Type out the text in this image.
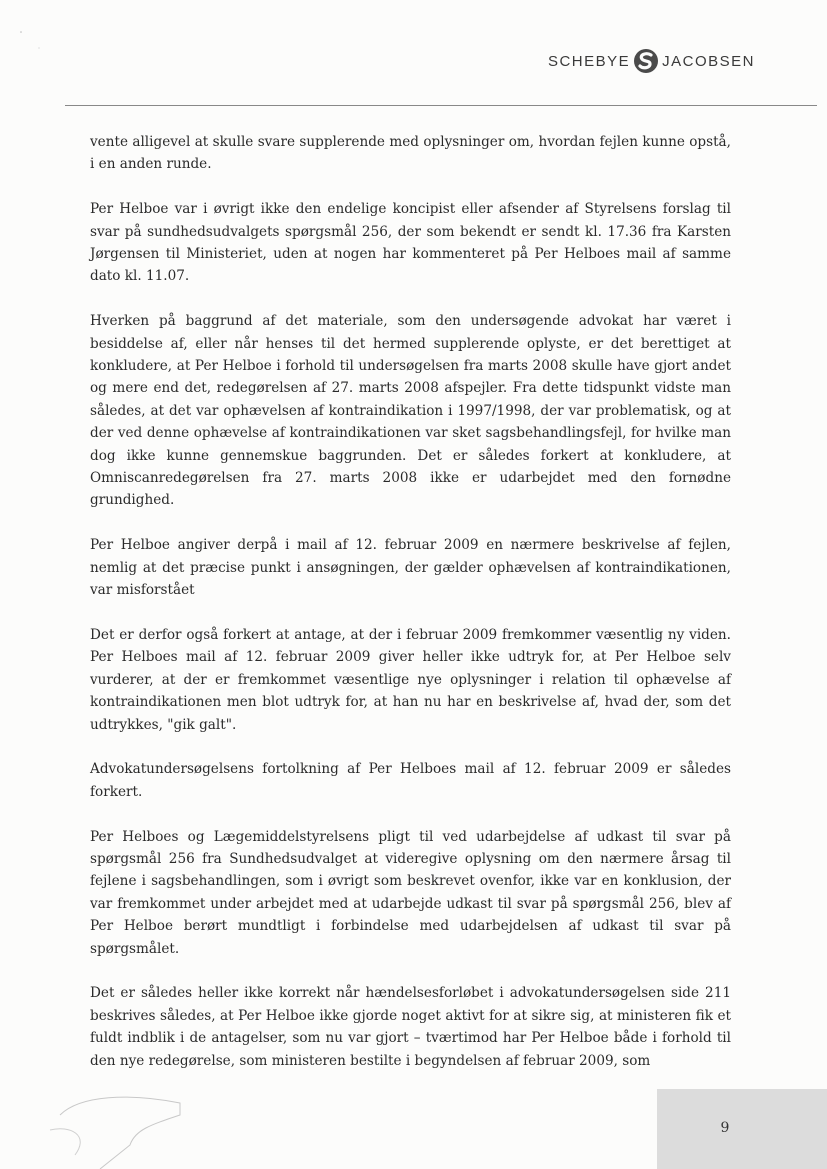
SCHEBYE JACOBSEN

vente alligevel at skulle svare supplerende med oplysninger om, hvordan fejlen kunne opstå, i en anden runde.

Per Helboe var i øvrigt ikke den endelige koncipist eller afsender af Styrelsens forslag til svar på sundhedsudvalgets spørgsmål 256, der som bekendt er sendt kl. 17.36 fra Karsten Jørgensen til Ministeriet, uden at nogen har kommenteret på Per Helboes mail af samme dato kl. 11.07.

Hverken på baggrund af det materiale, som den undersøgende advokat har været i besiddelse af, eller når henses til det hermed supplerende oplyste, er det berettiget at konkludere, at Per Helboe i forhold til undersøgelsen fra marts 2008 skulle have gjort andet og mere end det, redegørelsen af 27. marts 2008 afspejler. Fra dette tidspunkt vidste man således, at det var ophævelsen af kontraindikation i 1997/1998, der var problematisk, og at der ved denne ophævelse af kontraindikationen var sket sagsbehandlingsfejl, for hvilke man dog ikke kunne gennemskue baggrunden. Det er således forkert at konkludere, at Omniscanredegørelsen fra 27. marts 2008 ikke er udarbejdet med den fornødne grundighed.

Per Helboe angiver derpå i mail af 12. februar 2009 en nærmere beskrivelse af fejlen, nemlig at det præcise punkt i ansøgningen, der gælder ophævelsen af kontraindikationen, var misforstået

Det er derfor også forkert at antage, at der i februar 2009 fremkommer væsentlig ny viden. Per Helboes mail af 12. februar 2009 giver heller ikke udtryk for, at Per Helboe selv vurderer, at der er fremkommet væsentlige nye oplysninger i relation til ophævelse af kontraindikationen men blot udtryk for, at han nu har en beskrivelse af, hvad der, som det udtrykkes, "gik galt".

Advokatundersøgelsens fortolkning af Per Helboes mail af 12. februar 2009 er således forkert.

Per Helboes og Lægemiddelstyrelsens pligt til ved udarbejdelse af udkast til svar på spørgsmål 256 fra Sundhedsudvalget at videregive oplysning om den nærmere årsag til fejlene i sagsbehandlingen, som i øvrigt som beskrevet ovenfor, ikke var en konklusion, der var fremkommet under arbejdet med at udarbejde udkast til svar på spørgsmål 256, blev af Per Helboe berørt mundtligt i forbindelse med udarbejdelsen af udkast til svar på spørgsmålet.

Det er således heller ikke korrekt når hændelsesforløbet i advokatundersøgelsen side 211 beskrives således, at Per Helboe ikke gjorde noget aktivt for at sikre sig, at ministeren fik et fuldt indblik i de antagelser, som nu var gjort – tværtimod har Per Helboe både i forhold til den nye redegørelse, som ministeren bestilte i begyndelsen af februar 2009, som

9
